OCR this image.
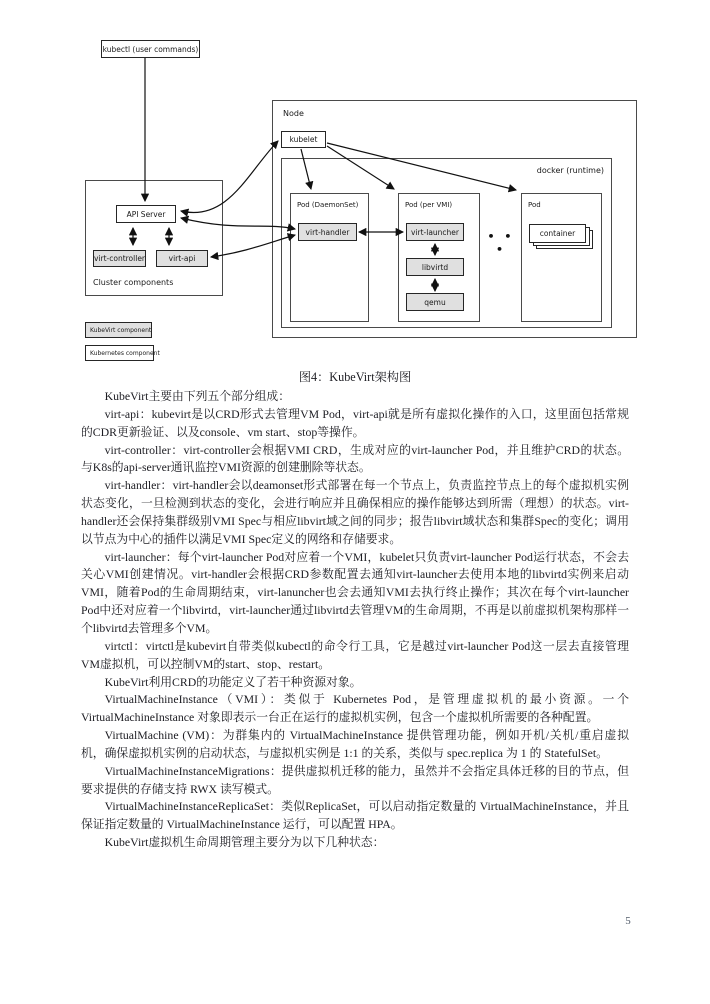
kubectl (user commands)
Cluster components
API Server
virt-controller	virt-api
KubeVirt component
Kubernetes component
Node
kubelet
docker (runtime)
Pod (DaemonSet)
virt-handler
Pod (per VMI)
virt-launcher
libvirtd
qemu
• • •
Pod
container
图4：KubeVirt架构图

KubeVirt主要由下列五个部分组成：

virt-api：kubevirt是以CRD形式去管理VM Pod，virt-api就是所有虚拟化操作的入口，这里面包括常规的CDR更新验证、以及console、vm start、stop等操作。

virt-controller：virt-controller会根据VMI CRD，生成对应的virt-launcher Pod，并且维护CRD的状态。与K8s的api-server通讯监控VMI资源的创建删除等状态。

virt-handler：virt-handler会以deamonset形式部署在每一个节点上，负责监控节点上的每个虚拟机实例状态变化，一旦检测到状态的变化，会进行响应并且确保相应的操作能够达到所需（理想）的状态。virt-handler还会保持集群级别VMI Spec与相应libvirt域之间的同步；报告libvirt域状态和集群Spec的变化；调用以节点为中心的插件以满足VMI Spec定义的网络和存储要求。

virt-launcher：每个virt-launcher Pod对应着一个VMI，kubelet只负责virt-launcher Pod运行状态，不会去关心VMI创建情况。virt-handler会根据CRD参数配置去通知virt-launcher去使用本地的libvirtd实例来启动VMI，随着Pod的生命周期结束，virt-lanuncher也会去通知VMI去执行终止操作；其次在每个virt-launcher Pod中还对应着一个libvirtd，virt-launcher通过libvirtd去管理VM的生命周期，不再是以前虚拟机架构那样一个libvirtd去管理多个VM。

virtctl：virtctl是kubevirt自带类似kubectl的命令行工具，它是越过virt-launcher Pod这一层去直接管理VM虚拟机，可以控制VM的start、stop、restart。

KubeVirt利用CRD的功能定义了若干种资源对象。

VirtualMachineInstance（VMI）：类似于 Kubernetes Pod，是管理虚拟机的最小资源。一个 VirtualMachineInstance 对象即表示一台正在运行的虚拟机实例，包含一个虚拟机所需要的各种配置。

VirtualMachine (VM)：为群集内的 VirtualMachineInstance 提供管理功能，例如开机/关机/重启虚拟机，确保虚拟机实例的启动状态，与虚拟机实例是 1:1 的关系，类似与 spec.replica 为 1 的 StatefulSet。

VirtualMachineInstanceMigrations：提供虚拟机迁移的能力，虽然并不会指定具体迁移的目的节点，但要求提供的存储支持 RWX 读写模式。

VirtualMachineInstanceReplicaSet：类似ReplicaSet，可以启动指定数量的 VirtualMachineInstance，并且保证指定数量的 VirtualMachineInstance 运行，可以配置 HPA。

KubeVirt虚拟机生命周期管理主要分为以下几种状态：

5
